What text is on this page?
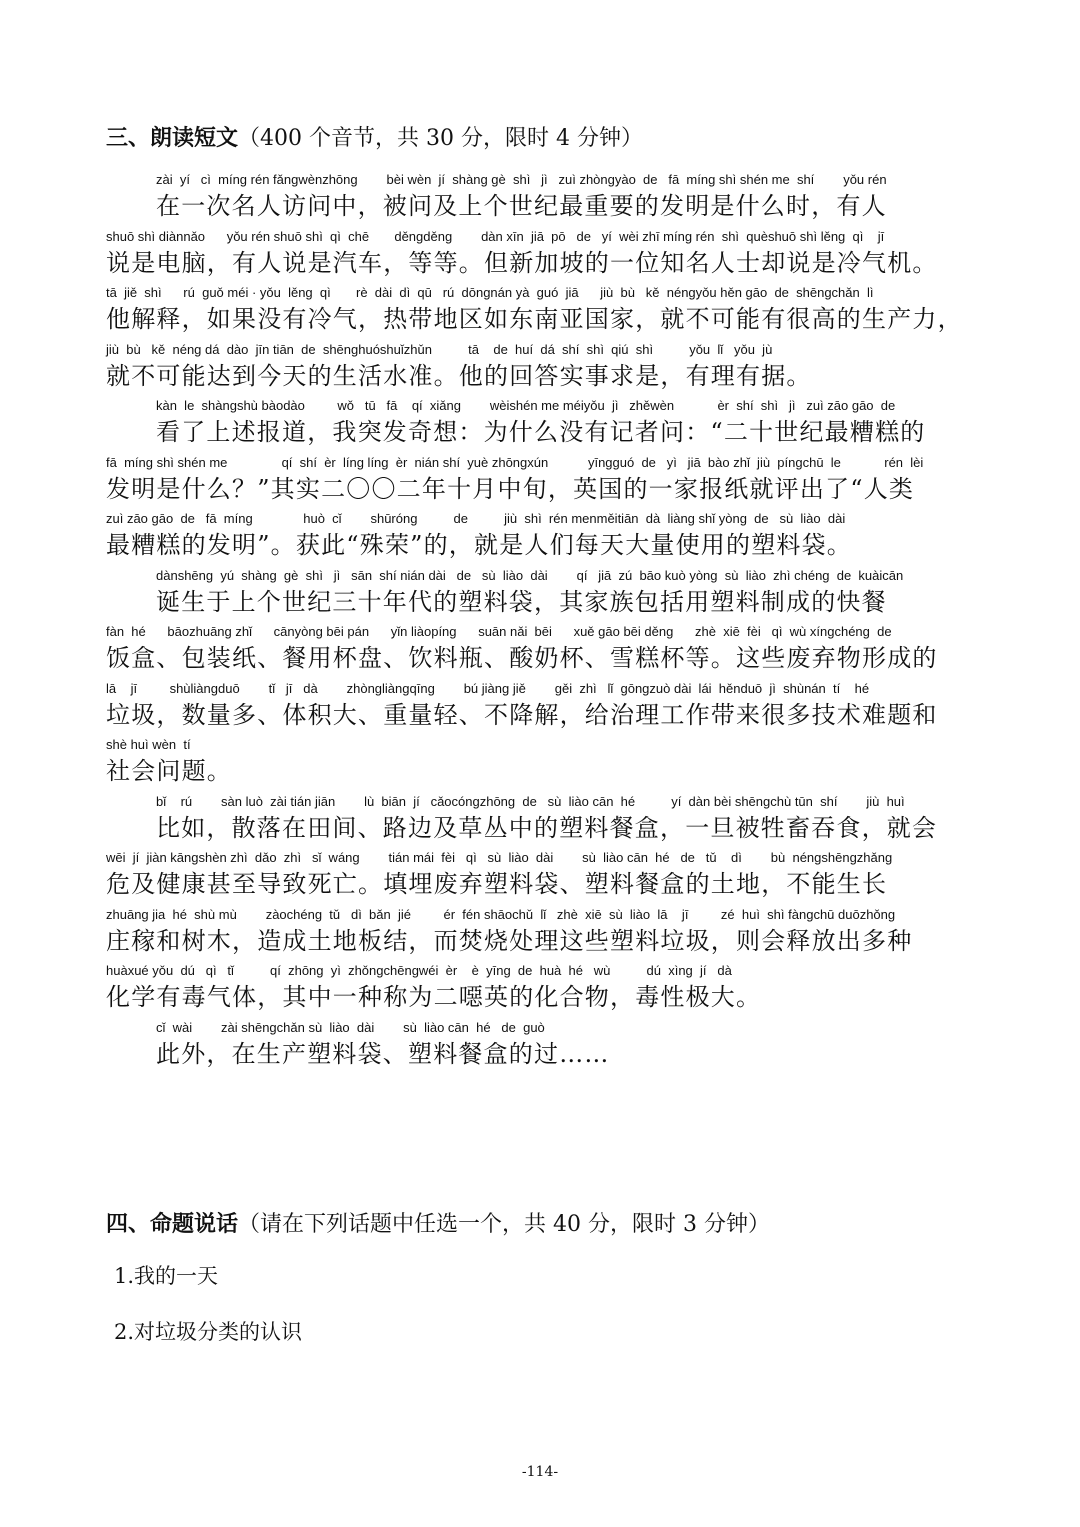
三、朗读短文（400 个音节，共 30 分，限时 4 分钟）
zài  yí   cì  míng rén fǎngwènzhōng        bèi wèn  jí  shàng gè  shì   jì   zuì zhòngyào  de   fā  míng shì shén me  shí        yǒu rén
在一次名人访问中，被问及上个世纪最重要的发明是什么时，有人
shuō shì diànnǎo      yǒu rén shuō shì  qì  chē       děngděng        dàn xīn  jiā  pō   de   yí  wèi zhī míng rén  shì  quèshuō shì lěng  qì    jī
说是电脑，有人说是汽车，等等。但新加坡的一位知名人士却说是冷气机。
tā  jiě  shì      rú  guǒ méi · yǒu  lěng  qì       rè  dài  dì  qū   rú  dōngnán yà  guó  jiā      jiù  bù   kě  néngyǒu hěn gāo  de  shēngchǎn  lì
他解释，如果没有冷气，热带地区如东南亚国家，就不可能有很高的生产力，
jiù  bù   kě  néng dá  dào  jīn tiān  de  shēnghuóshuǐzhǔn          tā    de  huí  dá  shí  shì  qiú  shì          yǒu  lǐ   yǒu  jù
就不可能达到今天的生活水准。他的回答实事求是，有理有据。
kàn  le  shàngshù bàodào         wǒ   tū   fā    qí  xiǎng        wèishén me méiyǒu  jì   zhěwèn            èr  shí  shì   jì   zuì zāo gāo  de
看了上述报道，我突发奇想：为什么没有记者问：“二十世纪最糟糕的
fā  míng shì shén me               qí  shí  èr  líng líng  èr  nián shí  yuè zhōngxún           yīngguó  de   yì   jiā  bào zhǐ  jiù  píngchū  le            rén  lèi
发明是什么？”其实二〇〇二年十月中旬，英国的一家报纸就评出了“人类
zuì zāo gāo  de   fā  míng              huò  cǐ        shūróng          de          jiù  shì  rén menměitiān  dà  liàng shǐ yòng  de   sù  liào  dài
最糟糕的发明”。获此“殊荣”的，就是人们每天大量使用的塑料袋。
dànshēng  yú  shàng  gè  shì   jì   sān  shí nián dài   de   sù  liào  dài        qí   jiā  zú  bāo kuò yòng  sù  liào  zhì chéng  de  kuàicān
诞生于上个世纪三十年代的塑料袋，其家族包括用塑料制成的快餐
fàn  hé      bāozhuāng zhǐ      cānyòng bēi pán      yǐn liàopíng      suān nǎi  bēi      xuě gāo bēi děng      zhè  xiē  fèi   qì  wù xíngchéng  de
饭盒、包装纸、餐用杯盘、饮料瓶、酸奶杯、雪糕杯等。这些废弃物形成的
lā    jī         shùliàngduō        tǐ   jī   dà        zhòngliàngqīng        bú jiàng jiě        gěi  zhì   lǐ  gōngzuò dài  lái  hěnduō  jì  shùnán  tí    hé
垃圾，数量多、体积大、重量轻、不降解，给治理工作带来很多技术难题和
shè huì wèn  tí
社会问题。
bǐ    rú        sàn luò  zài tián jiān        lù  biān  jí   cǎocóngzhōng  de   sù  liào cān  hé          yí  dàn bèi shēngchù tūn  shí        jiù  huì
比如，散落在田间、路边及草丛中的塑料餐盒，一旦被牲畜吞食，就会
wēi  jí  jiàn kāngshèn zhì  dǎo  zhì   sǐ  wáng        tián mái  fèi   qì   sù  liào  dài        sù  liào cān  hé   de   tǔ    dì        bù  néngshēngzhǎng
危及健康甚至导致死亡。填埋废弃塑料袋、塑料餐盒的土地，不能生长
zhuāng jia  hé  shù mù        zàochéng  tǔ   dì  bǎn  jié         ér  fén shāochǔ  lǐ   zhè  xiē  sù  liào  lā    jī         zé  huì  shì fàngchū duōzhǒng
庄稼和树木，造成土地板结，而焚烧处理这些塑料垃圾，则会释放出多种
huàxué yǒu  dú   qì   tǐ          qí  zhōng  yì  zhǒngchēngwéi  èr    è  yīng  de  huà  hé   wù          dú  xìng  jí   dà
化学有毒气体，其中一种称为二噁英的化合物，毒性极大。
cǐ  wài        zài shēngchǎn sù  liào  dài        sù  liào cān  hé   de  guò
此外，在生产塑料袋、塑料餐盒的过……
四、命题说话（请在下列话题中任选一个，共 40 分，限时 3 分钟）
1.我的一天
2.对垃圾分类的认识
-114-
